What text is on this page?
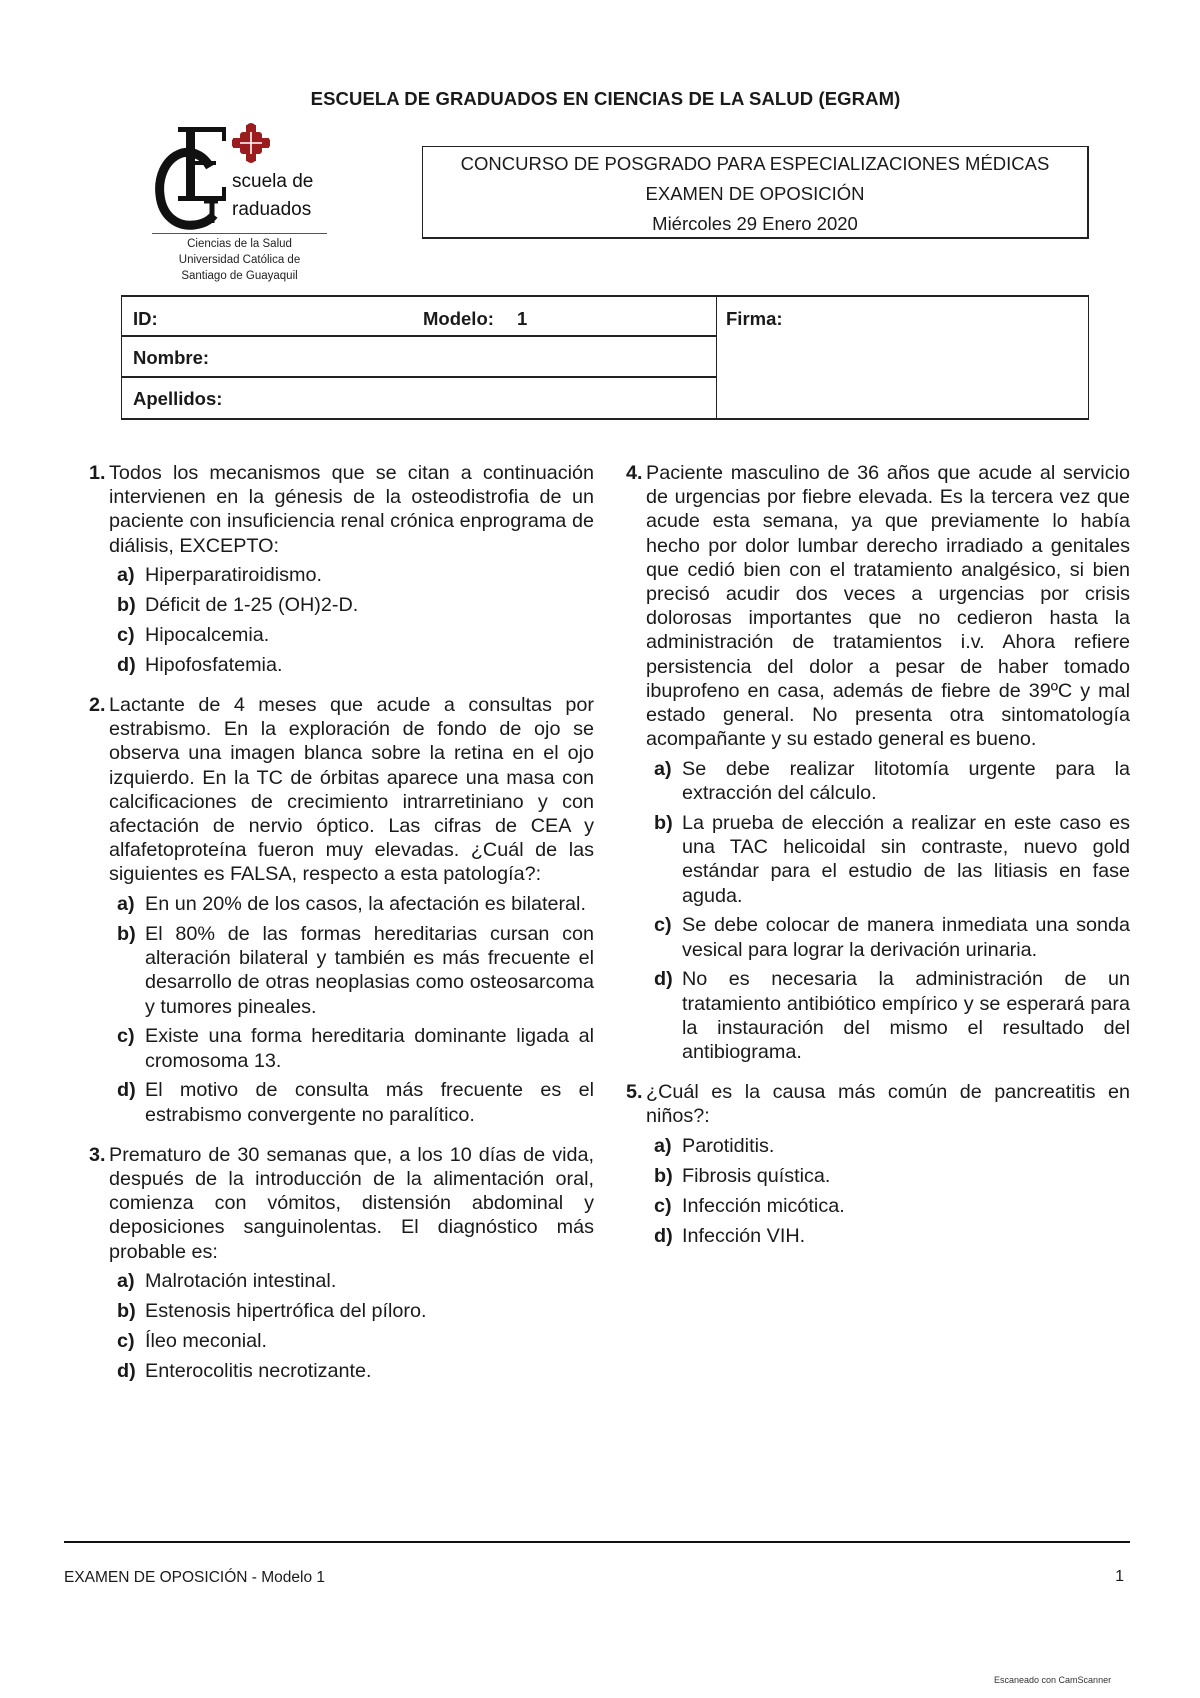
ESCUELA DE GRADUADOS EN CIENCIAS DE LA SALUD (EGRAM)
scuela de
raduados
Ciencias de la Salud
Universidad Católica de
Santiago de Guayaquil
CONCURSO DE POSGRADO PARA ESPECIALIZACIONES MÉDICAS
EXAMEN DE OPOSICIÓN
Miércoles 29 Enero 2020
ID:	Modelo: 1	Firma:
Nombre:
Apellidos:
1. Todos los mecanismos que se citan a continuación intervienen en la génesis de la osteodistrofia de un paciente con insuficiencia renal crónica enprograma de diálisis, EXCEPTO:
a) Hiperparatiroidismo.
b) Déficit de 1-25 (OH)2-D.
c) Hipocalcemia.
d) Hipofosfatemia.
2. Lactante de 4 meses que acude a consultas por estrabismo. En la exploración de fondo de ojo se observa una imagen blanca sobre la retina en el ojo izquierdo. En la TC de órbitas aparece una masa con calcificaciones de crecimiento intrarretiniano y con afectación de nervio óptico. Las cifras de CEA y alfafetoproteína fueron muy elevadas. ¿Cuál de las siguientes es FALSA, respecto a esta patología?:
a) En un 20% de los casos, la afectación es bilateral.
b) El 80% de las formas hereditarias cursan con alteración bilateral y también es más frecuente el desarrollo de otras neoplasias como osteosarcoma y tumores pineales.
c) Existe una forma hereditaria dominante ligada al cromosoma 13.
d) El motivo de consulta más frecuente es el estrabismo convergente no paralítico.
3. Prematuro de 30 semanas que, a los 10 días de vida, después de la introducción de la alimentación oral, comienza con vómitos, distensión abdominal y deposiciones sanguinolentas. El diagnóstico más probable es:
a) Malrotación intestinal.
b) Estenosis hipertrófica del píloro.
c) Íleo meconial.
d) Enterocolitis necrotizante.
4. Paciente masculino de 36 años que acude al servicio de urgencias por fiebre elevada. Es la tercera vez que acude esta semana, ya que previamente lo había hecho por dolor lumbar derecho irradiado a genitales que cedió bien con el tratamiento analgésico, si bien precisó acudir dos veces a urgencias por crisis dolorosas importantes que no cedieron hasta la administración de tratamientos i.v. Ahora refiere persistencia del dolor a pesar de haber tomado ibuprofeno en casa, además de fiebre de 39ºC y mal estado general. No presenta otra sintomatología acompañante y su estado general es bueno.
a) Se debe realizar litotomía urgente para la extracción del cálculo.
b) La prueba de elección a realizar en este caso es una TAC helicoidal sin contraste, nuevo gold estándar para el estudio de las litiasis en fase aguda.
c) Se debe colocar de manera inmediata una sonda vesical para lograr la derivación urinaria.
d) No es necesaria la administración de un tratamiento antibiótico empírico y se esperará para la instauración del mismo el resultado del antibiograma.
5. ¿Cuál es la causa más común de pancreatitis en niños?:
a) Parotiditis.
b) Fibrosis quística.
c) Infección micótica.
d) Infección VIH.
EXAMEN DE OPOSICIÓN - Modelo 1	1
Escaneado con CamScanner
